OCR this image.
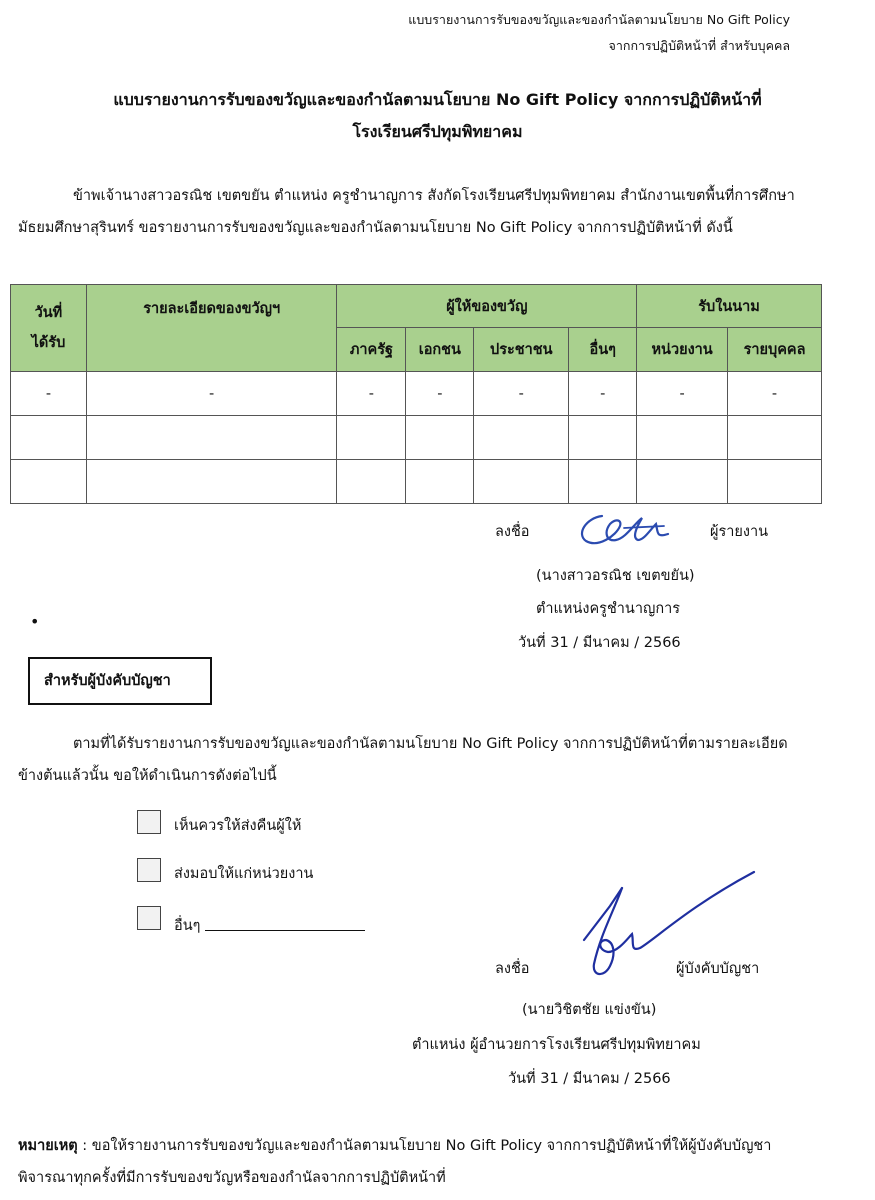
แบบรายงานการรับของขวัญและของกำนัลตามนโยบาย No Gift Policy
จากการปฏิบัติหน้าที่ สำหรับบุคคล
แบบรายงานการรับของขวัญและของกำนัลตามนโยบาย No Gift Policy จากการปฏิบัติหน้าที่
โรงเรียนศรีปทุมพิทยาคม
ข้าพเจ้านางสาวอรณิช เขตขยัน ตำแหน่ง ครูชำนาญการ สังกัดโรงเรียนศรีปทุมพิทยาคม สำนักงานเขตพื้นที่การศึกษามัธยมศึกษาสุรินทร์ ขอรายงานการรับของขวัญและของกำนัลตามนโยบาย No Gift Policy จากการปฏิบัติหน้าที่ ดังนี้
วันที่
ได้รับ	รายละเอียดของขวัญฯ	ผู้ให้ของขวัญ				รับในนาม	
		ภาครัฐ	เอกชน	ประชาชน	อื่นๆ	หน่วยงาน	รายบุคคล
-	-	-	-	-	-	-	-

ลงชื่อ	ผู้รายงาน
(นางสาวอรณิช เขตขยัน)
ตำแหน่งครูชำนาญการ
วันที่ 31 / มีนาคม / 2566
•
สำหรับผู้บังคับบัญชา
ตามที่ได้รับรายงานการรับของขวัญและของกำนัลตามนโยบาย No Gift Policy จากการปฏิบัติหน้าที่ตามรายละเอียดข้างต้นแล้วนั้น ขอให้ดำเนินการดังต่อไปนี้
เห็นควรให้ส่งคืนผู้ให้
ส่งมอบให้แก่หน่วยงาน
อื่นๆ
ลงชื่อ	ผู้บังคับบัญชา
(นายวิชิตชัย แข่งขัน)
ตำแหน่ง ผู้อำนวยการโรงเรียนศรีปทุมพิทยาคม
วันที่ 31 / มีนาคม / 2566
หมายเหตุ : ขอให้รายงานการรับของขวัญและของกำนัลตามนโยบาย No Gift Policy จากการปฏิบัติหน้าที่ให้ผู้บังคับบัญชาพิจารณาทุกครั้งที่มีการรับของขวัญหรือของกำนัลจากการปฏิบัติหน้าที่
